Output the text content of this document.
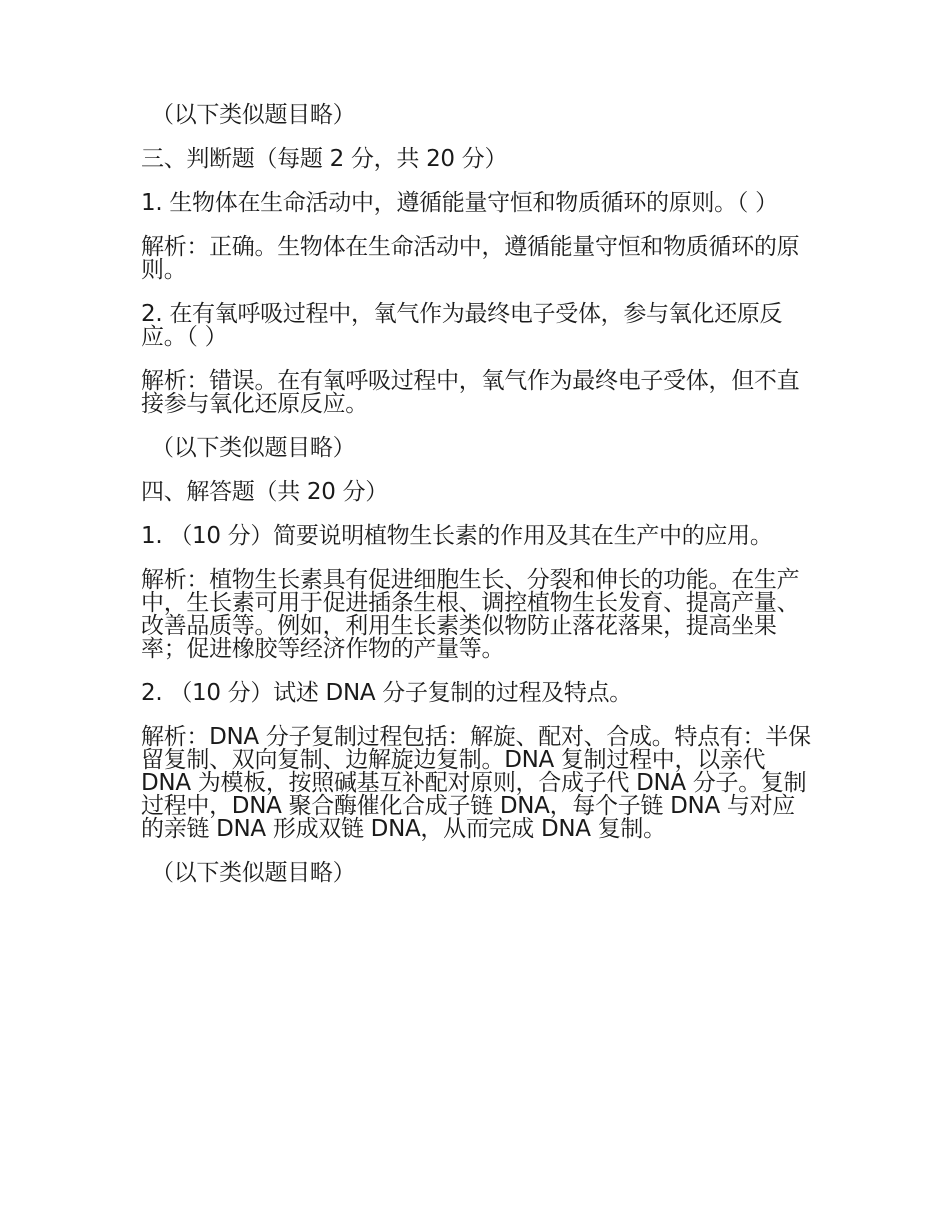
（以下类似题目略）

三、判断题（每题 2 分，共 20 分）

1. 生物体在生命活动中，遵循能量守恒和物质循环的原则。（ ）

解析：正确。生物体在生命活动中，遵循能量守恒和物质循环的原则。

2. 在有氧呼吸过程中，氧气作为最终电子受体，参与氧化还原反应。（ ）

解析：错误。在有氧呼吸过程中，氧气作为最终电子受体，但不直接参与氧化还原反应。

（以下类似题目略）

四、解答题（共 20 分）

1. （10 分）简要说明植物生长素的作用及其在生产中的应用。

解析：植物生长素具有促进细胞生长、分裂和伸长的功能。在生产中，生长素可用于促进插条生根、调控植物生长发育、提高产量、改善品质等。例如，利用生长素类似物防止落花落果，提高坐果率；促进橡胶等经济作物的产量等。

2. （10 分）试述 DNA 分子复制的过程及特点。

解析：DNA 分子复制过程包括：解旋、配对、合成。特点有：半保留复制、双向复制、边解旋边复制。DNA 复制过程中，以亲代 DNA 为模板，按照碱基互补配对原则，合成子代 DNA 分子。复制过程中，DNA 聚合酶催化合成子链 DNA，每个子链 DNA 与对应的亲链 DNA 形成双链 DNA，从而完成 DNA 复制。

（以下类似题目略）
